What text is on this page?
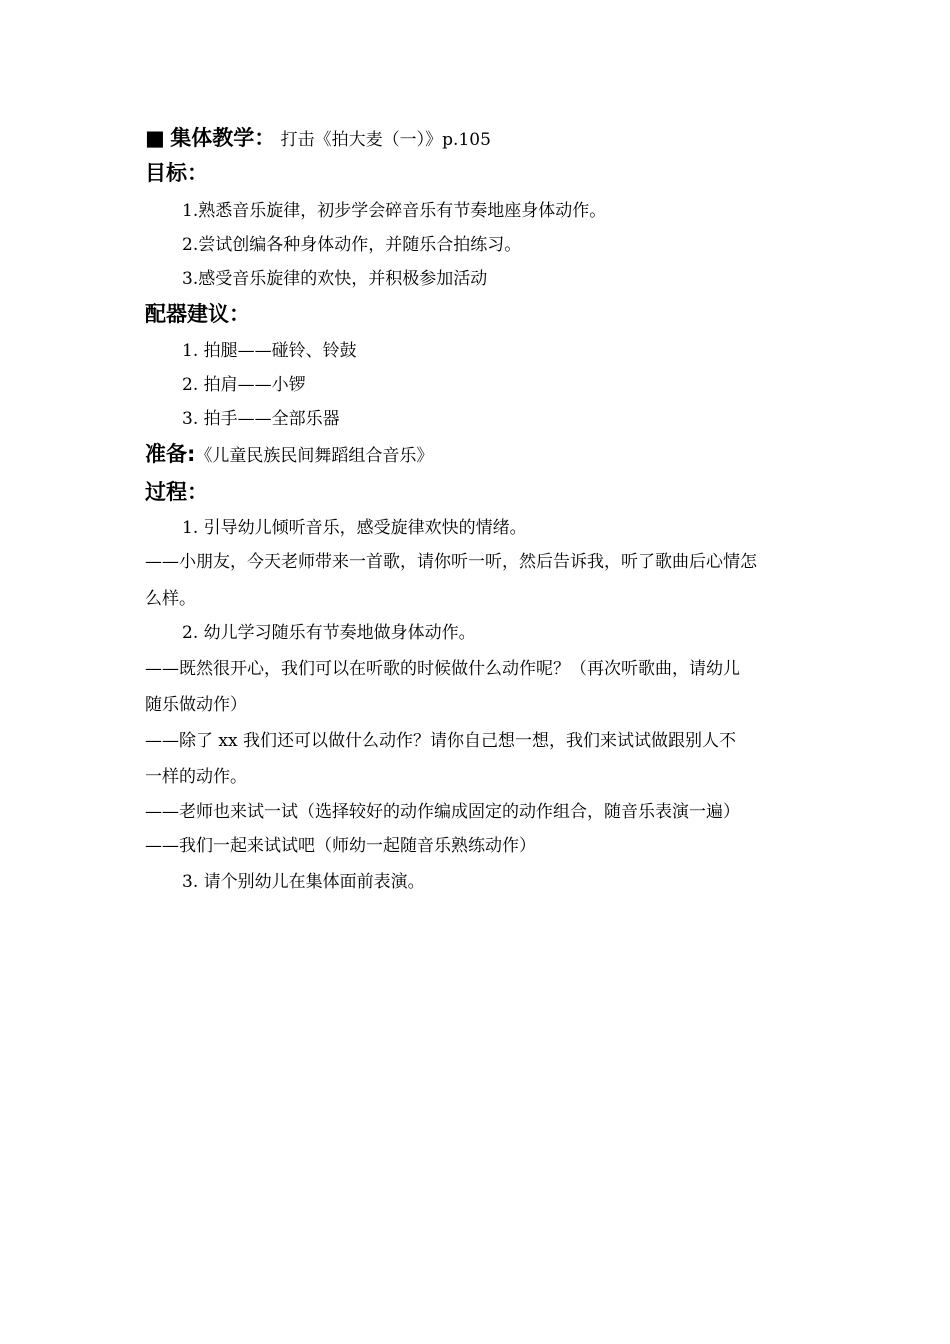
■ 集体教学： 打击《拍大麦（一）》p.105
目标：
1.熟悉音乐旋律，初步学会碎音乐有节奏地座身体动作。
2.尝试创编各种身体动作，并随乐合拍练习。
3.感受音乐旋律的欢快，并积极参加活动
配器建议：
1. 拍腿——碰铃、铃鼓
2. 拍肩——小锣
3. 拍手——全部乐器
准备:《儿童民族民间舞蹈组合音乐》
过程：
1. 引导幼儿倾听音乐，感受旋律欢快的情绪。
——小朋友，今天老师带来一首歌，请你听一听，然后告诉我，听了歌曲后心情怎
么样。
2. 幼儿学习随乐有节奏地做身体动作。
——既然很开心，我们可以在听歌的时候做什么动作呢？（再次听歌曲，请幼儿
随乐做动作）
——除了 xx 我们还可以做什么动作？请你自己想一想，我们来试试做跟别人不
一样的动作。
——老师也来试一试（选择较好的动作编成固定的动作组合，随音乐表演一遍）
——我们一起来试试吧（师幼一起随音乐熟练动作）
3. 请个别幼儿在集体面前表演。
